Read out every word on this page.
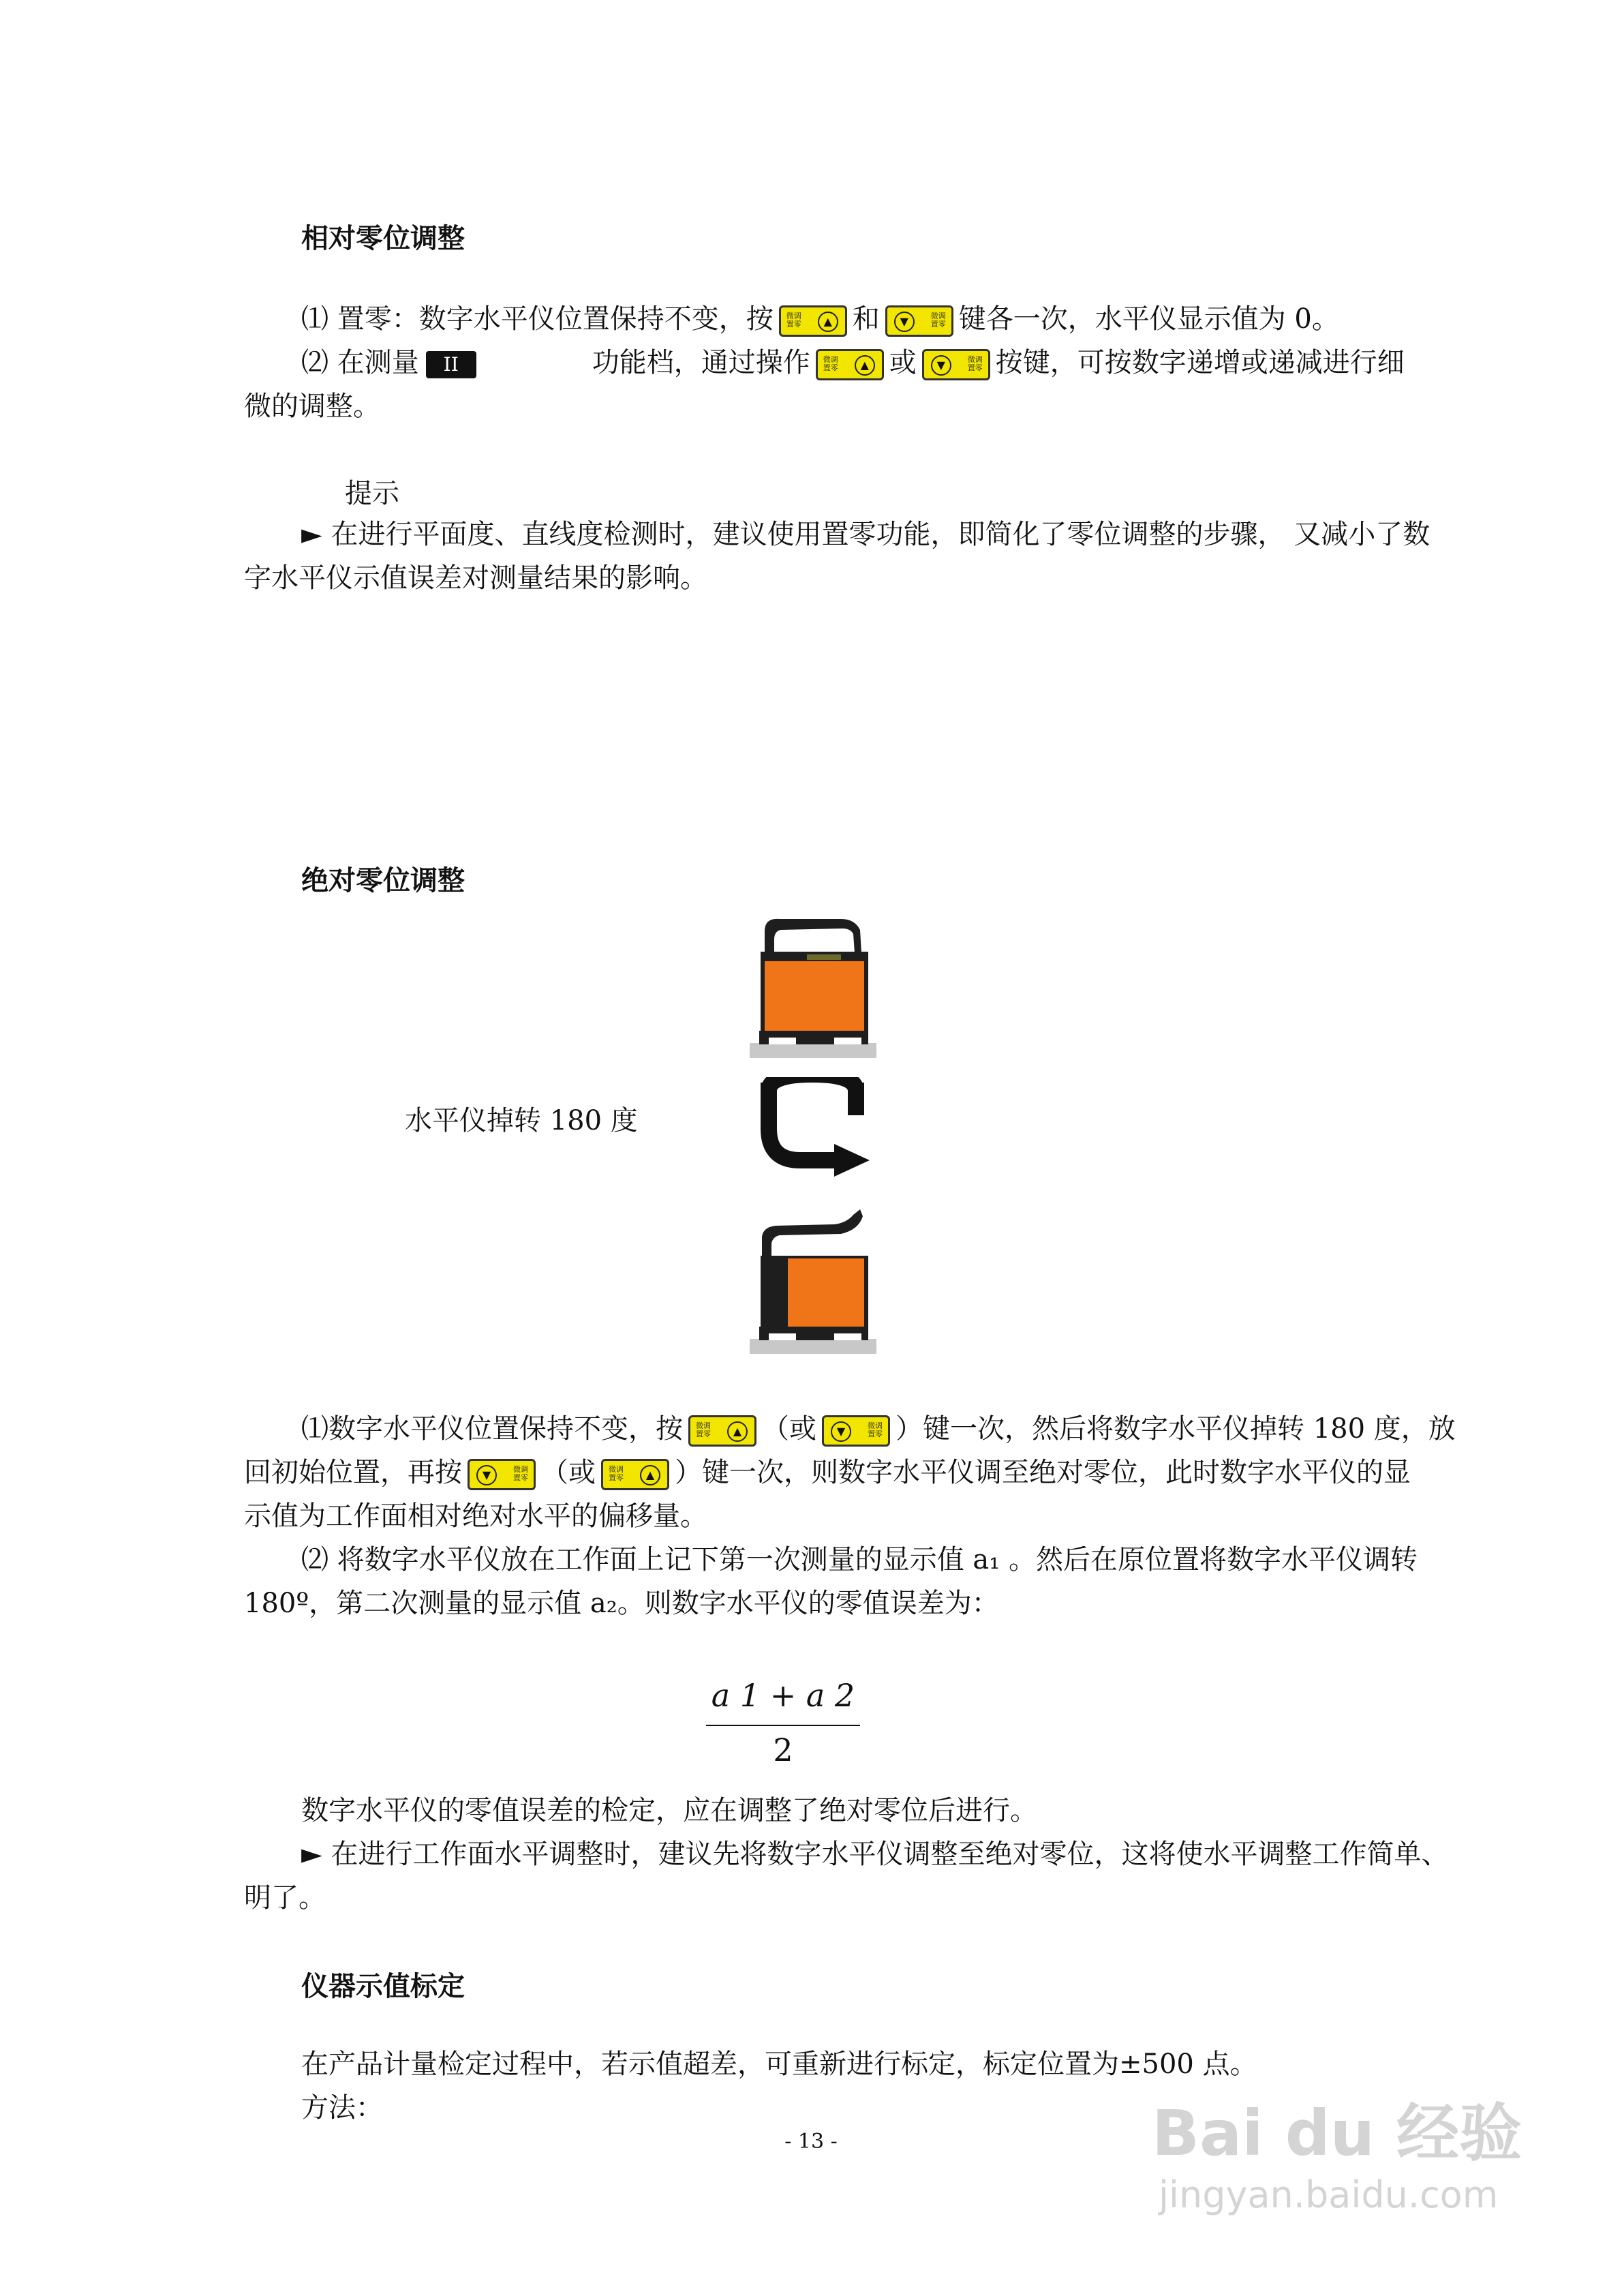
相对零位调整
⑴ 置零：数字水平仪位置保持不变，按 微调
置零	▲ 和	▼	微调
置零 键各一次，水平仪显示值为 0。
⑵ 在测量 II	功能档，通过操作 微调
置零	▲ 或	▼	微调
置零 按键，可按数字递增或递减进行细
微的调整。
提示
► 在进行平面度、直线度检测时，建议使用置零功能，即简化了零位调整的步骤， 又减小了数
字水平仪示值误差对测量结果的影响。
绝对零位调整
水平仪掉转 180 度
⑴数字水平仪位置保持不变，按 微调
置零	▲ （或	▼	微调
置零 ）键一次，然后将数字水平仪掉转 180 度，放
回初始位置，再按	▼	微调
置零 （或 微调
置零	▲ ）键一次，则数字水平仪调至绝对零位，此时数字水平仪的显
示值为工作面相对绝对水平的偏移量。
⑵ 将数字水平仪放在工作面上记下第一次测量的显示值 a₁ 。然后在原位置将数字水平仪调转
180º，第二次测量的显示值 a₂。则数字水平仪的零值误差为：
a 1 + a 2
2
数字水平仪的零值误差的检定，应在调整了绝对零位后进行。
► 在进行工作面水平调整时，建议先将数字水平仪调整至绝对零位，这将使水平调整工作简单、
明了。
仪器示值标定
在产品计量检定过程中，若示值超差，可重新进行标定，标定位置为±500 点。
方法：
- 13 -	Bai du 经验
jingyan.baidu.com
